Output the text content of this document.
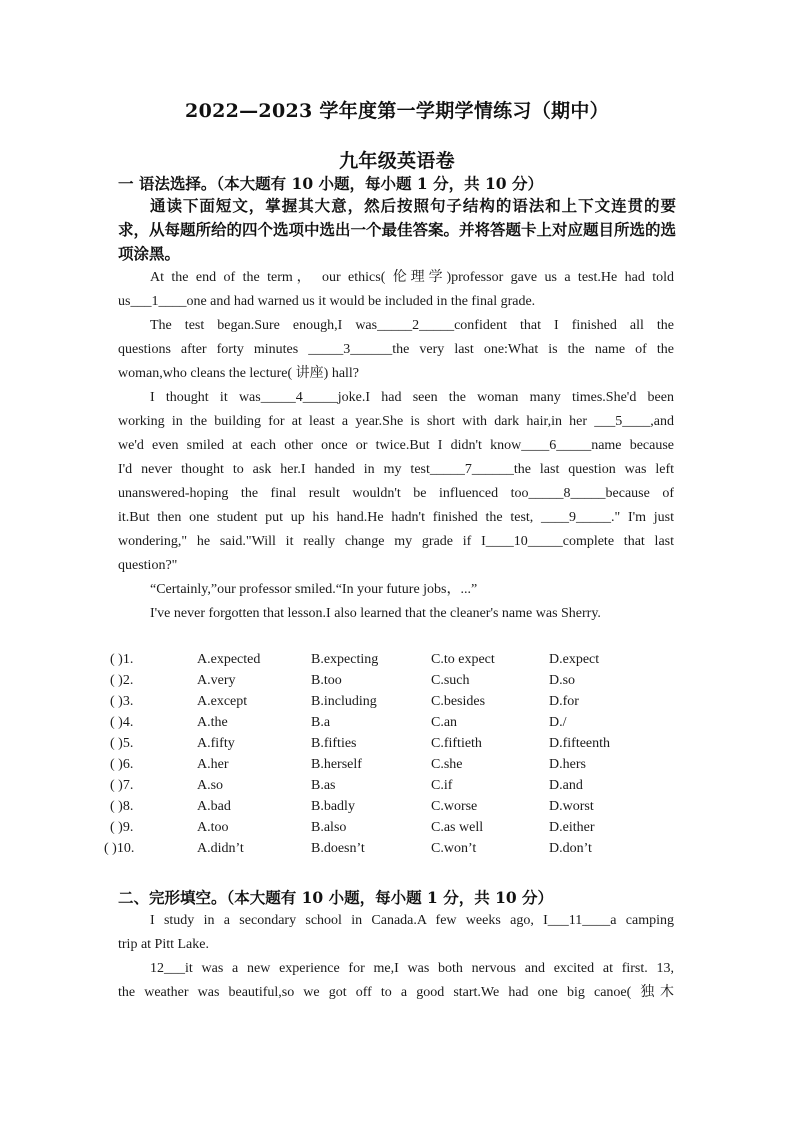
2022—2023 学年度第一学期学情练习（期中）
九年级英语卷
一 语法选择。（本大题有 10 小题，每小题 1 分，共 10 分）
通读下面短文，掌握其大意，然后按照句子结构的语法和上下文连贯的要求，从每题所给的四个选项中选出一个最佳答案。并将答题卡上对应题目所选的选项涂黑。
At the end of the term， our ethics( 伦理学)professor gave us a test.He had told
us___1____one and had warned us it would be included in the final grade.
The test began.Sure enough,I was_____2_____confident that I finished all the
questions after forty minutes _____3______the very last one:What is the name of the
woman,who cleans the lecture( 讲座) hall?
I thought it was_____4_____joke.I had seen the woman many times.She'd been
working in the building for at least a year.She is short with dark hair,in her ___5____,and
we'd even smiled at each other once or twice.But I didn't know____6_____name because
I'd never thought to ask her.I handed in my test_____7______the last question was left
unanswered-hoping the final result wouldn't be influenced too_____8_____because of
it.But then one student put up his hand.He hadn't finished the test, ____9_____." I'm just
wondering," he said."Will it really change my grade if I____10_____complete that last
question?"
“Certainly,”our professor smiled.“In your future jobs，...”
I've never forgotten that lesson.I also learned that the cleaner's name was Sherry.
( )1.	A.expected	B.expecting	C.to expect	D.expect
( )2.	A.very	B.too	C.such	D.so
( )3.	A.except	B.including	C.besides	D.for
( )4.	A.the	B.a	C.an	D./
( )5.	A.fifty	B.fifties	C.fiftieth	D.fifteenth
( )6.	A.her	B.herself	C.she	D.hers
( )7.	A.so	B.as	C.if	D.and
( )8.	A.bad	B.badly	C.worse	D.worst
( )9.	A.too	B.also	C.as well	D.either
( )10.	A.didn’t	B.doesn’t	C.won’t	D.don’t
二、完形填空。（本大题有 10 小题，每小题 1 分，共 10 分）
I study in a secondary school in Canada.A few weeks ago, I___11____a camping
trip at Pitt Lake.
12___it was a new experience for me,I was both nervous and excited at first. 13,
the weather was beautiful,so we got off to a good start.We had one big canoe( 独木
